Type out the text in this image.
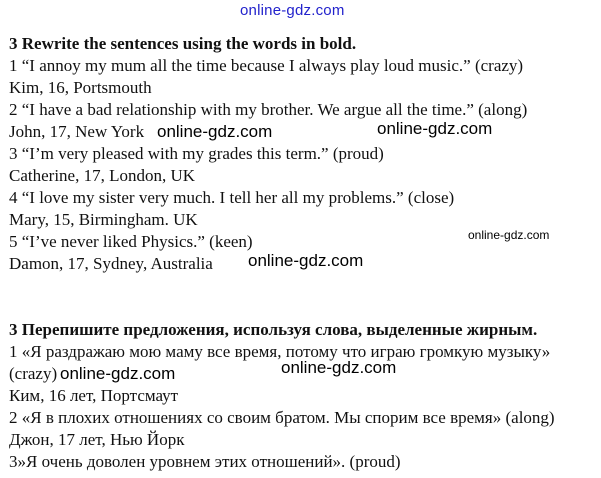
3 Rewrite the sentences using the words in bold.
1 “I annoy my mum all the time because I always play loud music.” (crazy)
Kim, 16, Portsmouth
2 “I have a bad relationship with my brother. We argue all the time.” (along)
John, 17, New York
3 “I’m very pleased with my grades this term.” (proud)
Catherine, 17, London, UK
4 “I love my sister very much. I tell her all my problems.” (close)
Mary, 15, Birmingham. UK
5 “I’ve never liked Physics.” (keen)
Damon, 17, Sydney, Australia
3 Перепишите предложения, используя слова, выделенные жирным.
1 «Я раздражаю мою маму все время, потому что играю громкую музыку»
(crazy)
Ким, 16 лет, Портсмаут
2 «Я в плохих отношениях со своим братом. Мы спорим все время» (along)
Джон, 17 лет, Нью Йорк
3»Я очень доволен уровнем этих отношений». (proud)
online-gdz.com
online-gdz.com	online-gdz.com
online-gdz.com
online-gdz.com
online-gdz.com
online-gdz.com
